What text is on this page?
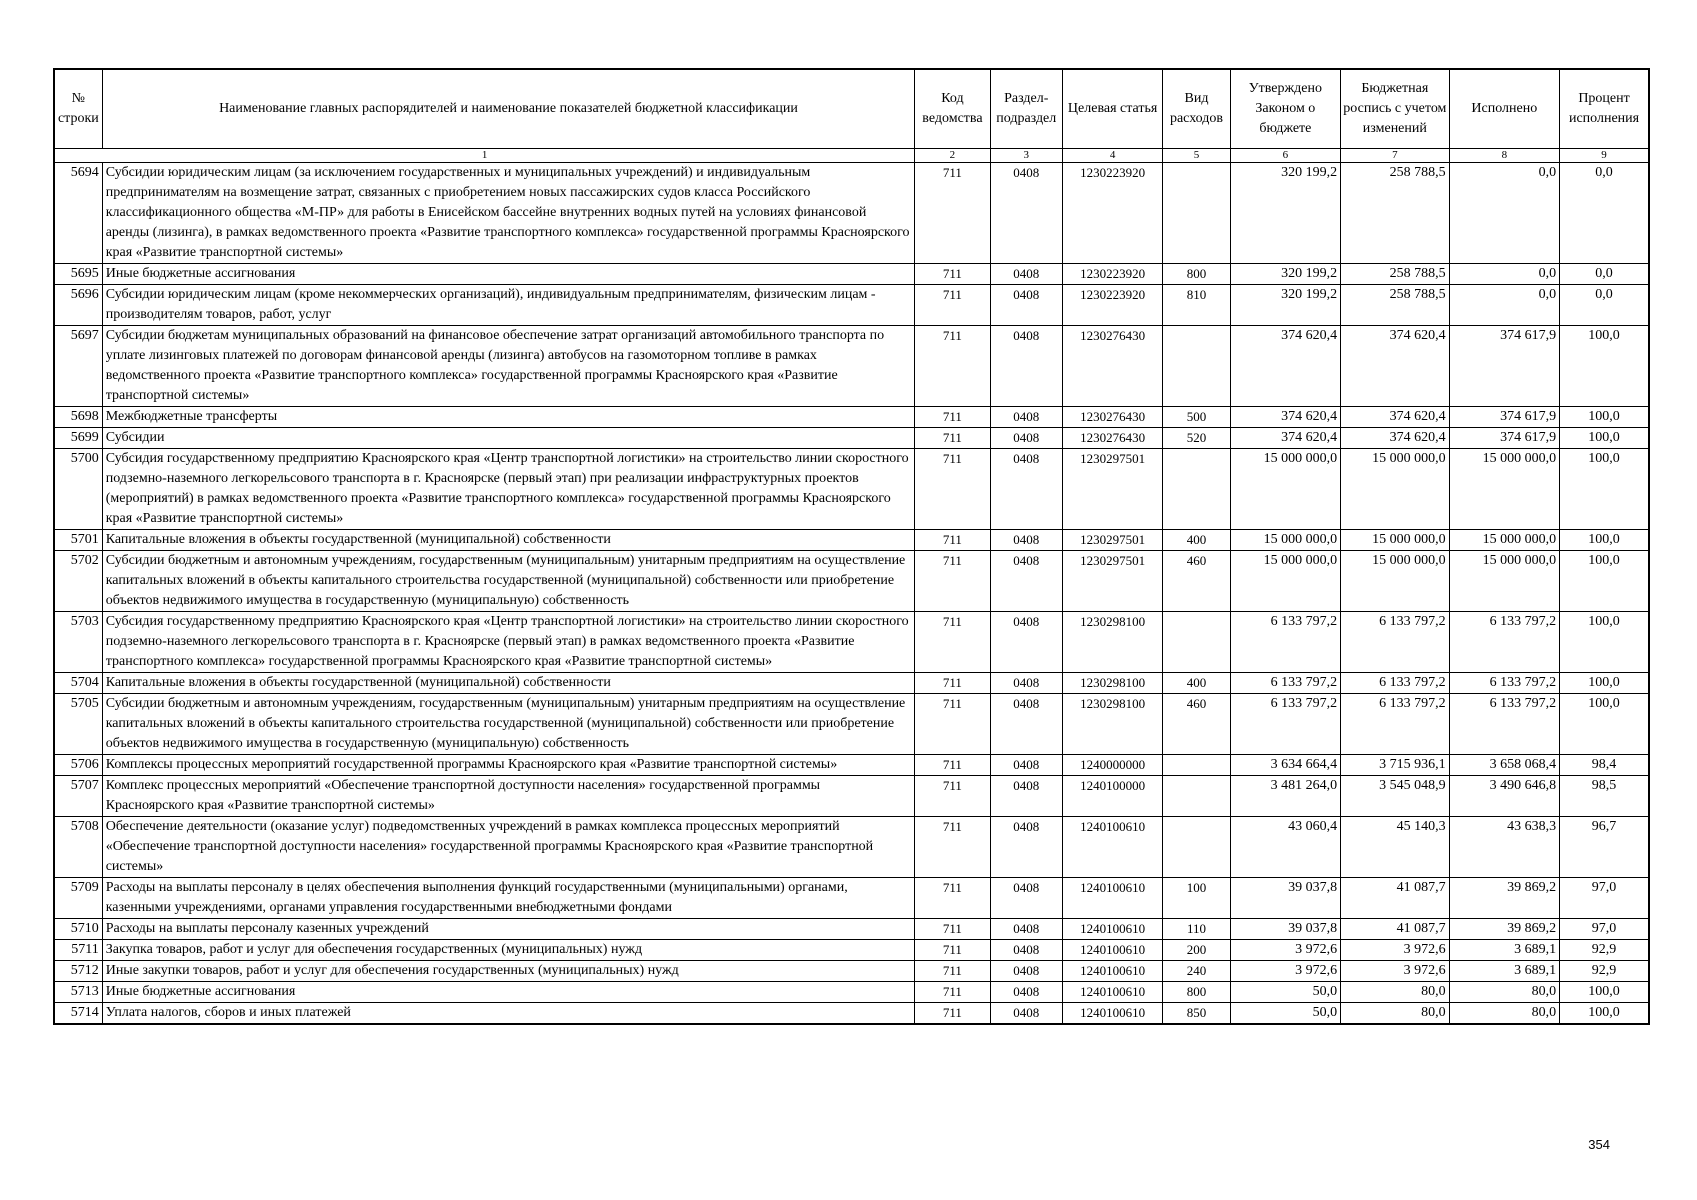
№ строки	Наименование главных распорядителей и наименование показателей бюджетной классификации	Код ведомства	Раздел-подраздел	Целевая статья	Вид расходов	Утверждено Законом о бюджете	Бюджетная роспись с учетом изменений	Исполнено	Процент исполнения
1		2	3	4	5	6	7	8	9
5694	Субсидии юридическим лицам (за исключением государственных и муниципальных учреждений) и индивидуальным предпринимателям на возмещение затрат, связанных с приобретением новых пассажирских судов класса Российского классификационного общества «М-ПР» для работы в Енисейском бассейне внутренних водных путей на условиях финансовой аренды (лизинга), в рамках ведомственного проекта «Развитие транспортного комплекса» государственной программы Красноярского края «Развитие транспортной системы»	711	0408	1230223920		320 199,2	258 788,5	0,0	0,0
5695	Иные бюджетные ассигнования	711	0408	1230223920	800	320 199,2	258 788,5	0,0	0,0
5696	Субсидии юридическим лицам (кроме некоммерческих организаций), индивидуальным предпринимателям, физическим лицам - производителям товаров, работ, услуг	711	0408	1230223920	810	320 199,2	258 788,5	0,0	0,0
5697	Субсидии бюджетам муниципальных образований на финансовое обеспечение затрат организаций автомобильного транспорта по уплате лизинговых платежей по договорам финансовой аренды (лизинга) автобусов на газомоторном топливе в рамках ведомственного проекта «Развитие транспортного комплекса» государственной программы Красноярского края «Развитие транспортной системы»	711	0408	1230276430		374 620,4	374 620,4	374 617,9	100,0
5698	Межбюджетные трансферты	711	0408	1230276430	500	374 620,4	374 620,4	374 617,9	100,0
5699	Субсидии	711	0408	1230276430	520	374 620,4	374 620,4	374 617,9	100,0
5700	Субсидия государственному предприятию Красноярского края «Центр транспортной логистики» на строительство линии скоростного подземно-наземного легкорельсового транспорта в г. Красноярске (первый этап) при реализации инфраструктурных проектов (мероприятий) в рамках ведомственного проекта «Развитие транспортного комплекса» государственной программы Красноярского края «Развитие транспортной системы»	711	0408	1230297501		15 000 000,0	15 000 000,0	15 000 000,0	100,0
5701	Капитальные вложения в объекты государственной (муниципальной) собственности	711	0408	1230297501	400	15 000 000,0	15 000 000,0	15 000 000,0	100,0
5702	Субсидии бюджетным и автономным учреждениям, государственным (муниципальным) унитарным предприятиям на осуществление капитальных вложений в объекты капитального строительства государственной (муниципальной) собственности или приобретение объектов недвижимого имущества в государственную (муниципальную) собственность	711	0408	1230297501	460	15 000 000,0	15 000 000,0	15 000 000,0	100,0
5703	Субсидия государственному предприятию Красноярского края «Центр транспортной логистики» на строительство линии скоростного подземно-наземного легкорельсового транспорта в г. Красноярске (первый этап) в рамках ведомственного проекта «Развитие транспортного комплекса» государственной программы Красноярского края «Развитие транспортной системы»	711	0408	1230298100		6 133 797,2	6 133 797,2	6 133 797,2	100,0
5704	Капитальные вложения в объекты государственной (муниципальной) собственности	711	0408	1230298100	400	6 133 797,2	6 133 797,2	6 133 797,2	100,0
5705	Субсидии бюджетным и автономным учреждениям, государственным (муниципальным) унитарным предприятиям на осуществление капитальных вложений в объекты капитального строительства государственной (муниципальной) собственности или приобретение объектов недвижимого имущества в государственную (муниципальную) собственность	711	0408	1230298100	460	6 133 797,2	6 133 797,2	6 133 797,2	100,0
5706	Комплексы процессных мероприятий государственной программы Красноярского края «Развитие транспортной системы»	711	0408	1240000000		3 634 664,4	3 715 936,1	3 658 068,4	98,4
5707	Комплекс процессных мероприятий «Обеспечение транспортной доступности населения» государственной программы Красноярского края «Развитие транспортной системы»	711	0408	1240100000		3 481 264,0	3 545 048,9	3 490 646,8	98,5
5708	Обеспечение деятельности (оказание услуг) подведомственных учреждений в рамках комплекса процессных мероприятий «Обеспечение транспортной доступности населения» государственной программы Красноярского края «Развитие транспортной системы»	711	0408	1240100610		43 060,4	45 140,3	43 638,3	96,7
5709	Расходы на выплаты персоналу в целях обеспечения выполнения функций государственными (муниципальными) органами, казенными учреждениями, органами управления государственными внебюджетными фондами	711	0408	1240100610	100	39 037,8	41 087,7	39 869,2	97,0
5710	Расходы на выплаты персоналу казенных учреждений	711	0408	1240100610	110	39 037,8	41 087,7	39 869,2	97,0
5711	Закупка товаров, работ и услуг для обеспечения государственных (муниципальных) нужд	711	0408	1240100610	200	3 972,6	3 972,6	3 689,1	92,9
5712	Иные закупки товаров, работ и услуг для обеспечения государственных (муниципальных) нужд	711	0408	1240100610	240	3 972,6	3 972,6	3 689,1	92,9
5713	Иные бюджетные ассигнования	711	0408	1240100610	800	50,0	80,0	80,0	100,0
5714	Уплата налогов, сборов и иных платежей	711	0408	1240100610	850	50,0	80,0	80,0	100,0
354
